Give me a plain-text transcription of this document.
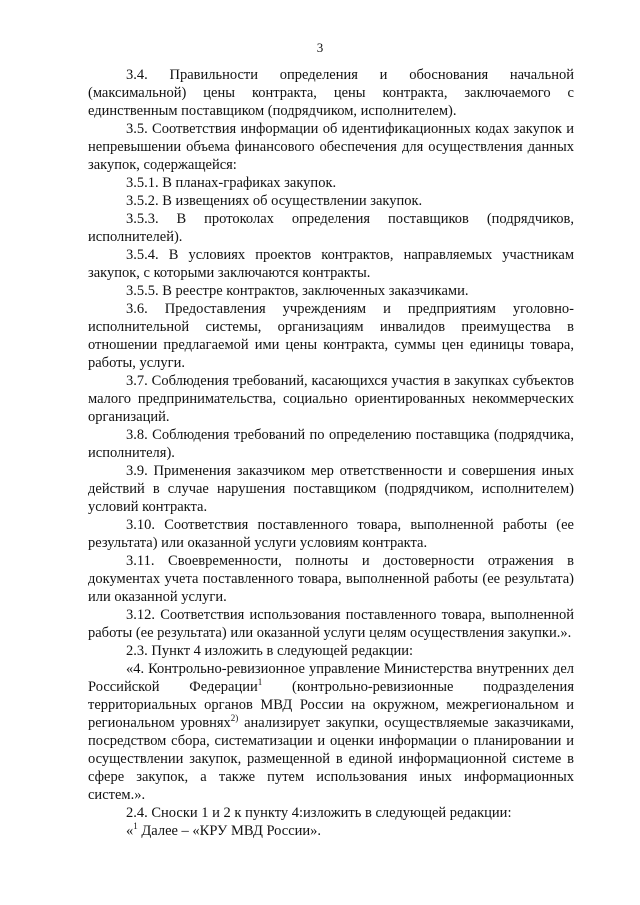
3

3.4. Правильности определения и обоснования начальной (максимальной) цены контракта, цены контракта, заключаемого с единственным поставщиком (подрядчиком, исполнителем).

3.5. Соответствия информации об идентификационных кодах закупок и непревышении объема финансового обеспечения для осуществления данных закупок, содержащейся:

3.5.1. В планах-графиках закупок.

3.5.2. В извещениях об осуществлении закупок.

3.5.3. В протоколах определения поставщиков (подрядчиков, исполнителей).

3.5.4. В условиях проектов контрактов, направляемых участникам закупок, с которыми заключаются контракты.

3.5.5. В реестре контрактов, заключенных заказчиками.

3.6. Предоставления учреждениям и предприятиям уголовно-исполнительной системы, организациям инвалидов преимущества в отношении предлагаемой ими цены контракта, суммы цен единицы товара, работы, услуги.

3.7. Соблюдения требований, касающихся участия в закупках субъектов малого предпринимательства, социально ориентированных некоммерческих организаций.

3.8. Соблюдения требований по определению поставщика (подрядчика, исполнителя).

3.9. Применения заказчиком мер ответственности и совершения иных действий в случае нарушения поставщиком (подрядчиком, исполнителем) условий контракта.

3.10. Соответствия поставленного товара, выполненной работы (ее результата) или оказанной услуги условиям контракта.

3.11. Своевременности, полноты и достоверности отражения в документах учета поставленного товара, выполненной работы (ее результата) или оказанной услуги.

3.12. Соответствия использования поставленного товара, выполненной работы (ее результата) или оказанной услуги целям осуществления закупки.».

2.3. Пункт 4 изложить в следующей редакции:

«4. Контрольно-ревизионное управление Министерства внутренних дел Российской Федерации$^1$ (контрольно-ревизионные подразделения территориальных органов МВД России на окружном, межрегиональном и региональном уровнях$^{2)}$ анализирует закупки, осуществляемые заказчиками, посредством сбора, систематизации и оценки информации о планировании и осуществлении закупок, размещенной в единой информационной системе в сфере закупок, а также путем использования иных информационных систем.».

2.4. Сноски 1 и 2 к пункту 4:изложить в следующей редакции:

«$^1$ Далее – «КРУ МВД России».
